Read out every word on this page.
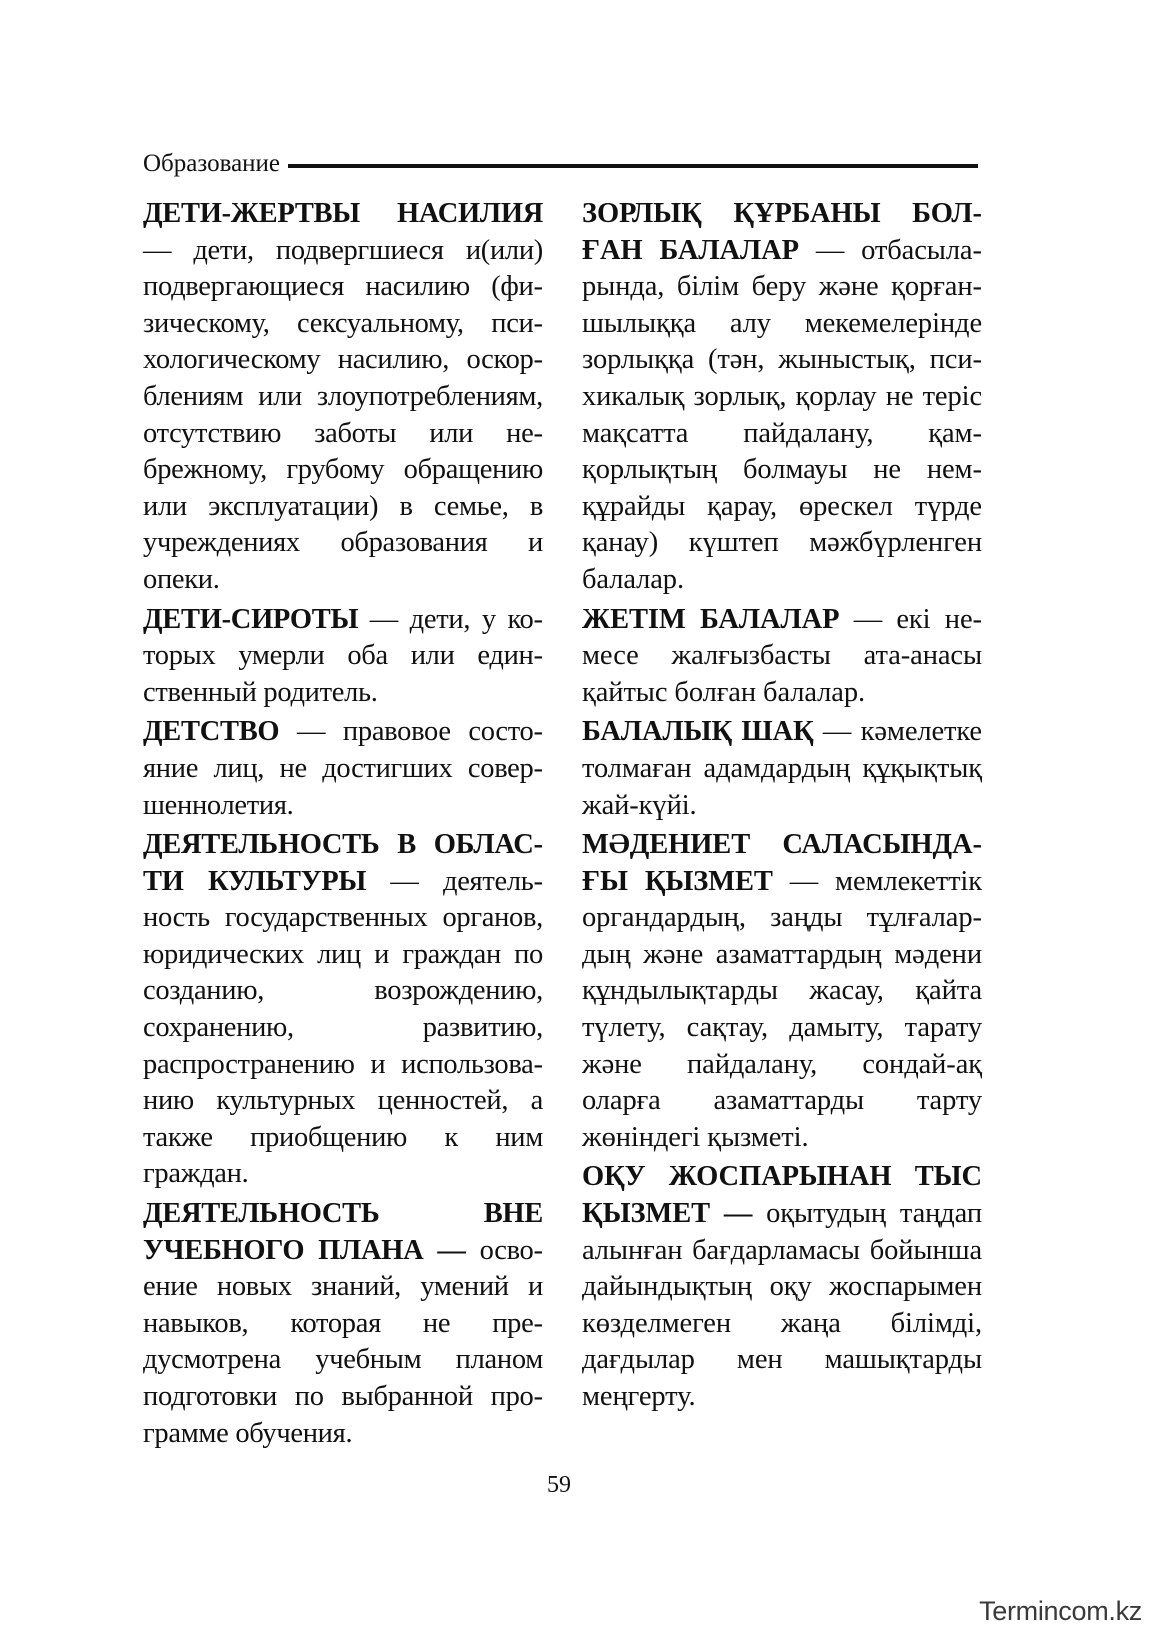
Образование

ДЕТИ-ЖЕРТВЫ НАСИЛИЯ — дети, подвергшиеся и(или) подвергающиеся насилию (физическому, сексуальному, психологическому насилию, оскорблениям или злоупотреблениям, отсутствию заботы или небрежному, грубому обращению или эксплуатации) в семье, в учреждениях образования и опеки.

ДЕТИ-СИРОТЫ — дети, у которых умерли оба или единственный родитель.

ДЕТСТВО — правовое состояние лиц, не достигших совершеннолетия.

ДЕЯТЕЛЬНОСТЬ В ОБЛАСТИ КУЛЬТУРЫ — деятельность государственных органов, юридических лиц и граждан по созданию, возрождению, сохранению, развитию, распространению и использованию культурных ценностей, а также приобщению к ним граждан.

ДЕЯТЕЛЬНОСТЬ ВНЕ УЧЕБНОГО ПЛАНА — освоение новых знаний, умений и навыков, которая не предусмотрена учебным планом подготовки по выбранной программе обучения.

ЗОРЛЫҚ ҚҰРБАНЫ БОЛҒАН БАЛАЛАР — отбасыларында, білім беру және қорғаншылыққа алу мекемелерінде зорлыққа (тән, жыныстық, психикалық зорлық, қорлау не теріс мақсатта пайдалану, қамқорлықтың болмауы не немқұрайды қарау, өрескел түрде қанау) күштеп мәжбүрленген балалар.

ЖЕТІМ БАЛАЛАР — екі немесе жалғызбасты ата-анасы қайтыс болған балалар.

БАЛАЛЫҚ ШАҚ — кәмелетке толмаған адамдардың құқықтық жай-күйі.

МӘДЕНИЕТ САЛАСЫНДАҒЫ ҚЫЗМЕТ — мемлекеттік органдардың, заңды тұлғалардың және азаматтардың мәдени құндылықтарды жасау, қайта түлету, сақтау, дамыту, тарату және пайдалану, сондай-ақ оларға азаматтарды тарту жөніндегі қызметі.

ОҚУ ЖОСПАРЫНАН ТЫС ҚЫЗМЕТ — оқытудың таңдап алынған бағдарламасы бойынша дайындықтың оқу жоспарымен көзделмеген жаңа білімді, дағдылар мен машықтарды меңгерту.

59
Termincom.kz
